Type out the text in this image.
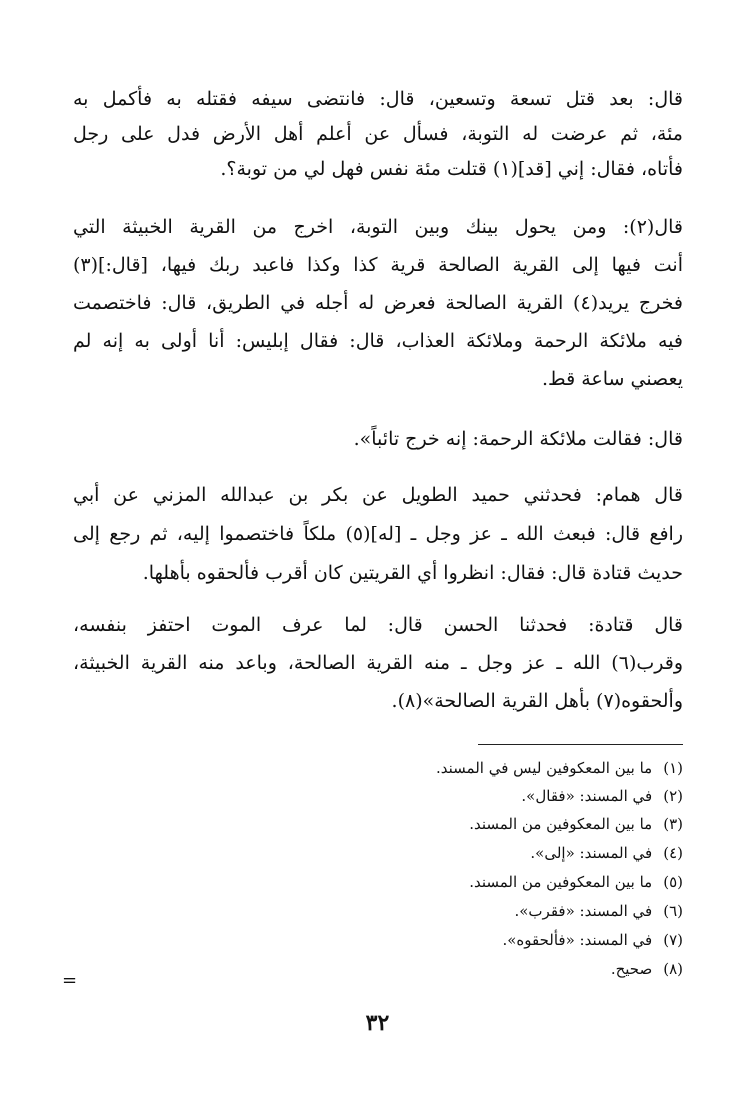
قال: بعد قتل تسعة وتسعين، قال: فانتضى سيفه فقتله به فأكمل به
مئة، ثم عرضت له التوبة، فسأل عن أعلم أهل الأرض فدل على رجل
فأتاه، فقال: إني [قد](١) قتلت مئة نفس فهل لي من توبة؟.
قال(٢): ومن يحول بينك وبين التوبة، اخرج من القرية الخبيثة التي
أنت فيها إلى القرية الصالحة قرية كذا وكذا فاعبد ربك فيها، [قال:](٣)
فخرج يريد(٤) القرية الصالحة فعرض له أجله في الطريق، قال: فاختصمت
فيه ملائكة الرحمة وملائكة العذاب، قال: فقال إبليس: أنا أولى به إنه لم
يعصني ساعة قط.
قال: فقالت ملائكة الرحمة: إنه خرج تائباً».
قال همام: فحدثني حميد الطويل عن بكر بن عبدالله المزني عن أبي
رافع قال: فبعث الله ـ عز وجل ـ [له](٥) ملكاً فاختصموا إليه، ثم رجع إلى
حديث قتادة قال: فقال: انظروا أي القريتين كان أقرب فألحقوه بأهلها.
قال قتادة: فحدثنا الحسن قال: لما عرف الموت احتفز بنفسه،
وقرب(٦) الله ـ عز وجل ـ منه القرية الصالحة، وباعد منه القرية الخبيثة،
وألحقوه(٧) بأهل القرية الصالحة»(٨).
(١) ما بين المعكوفين ليس في المسند.
(٢) في المسند: «فقال».
(٣) ما بين المعكوفين من المسند.
(٤) في المسند: «إلى».
(٥) ما بين المعكوفين من المسند.
(٦) في المسند: «فقرب».
(٧) في المسند: «فألحقوه».
(٨) صحيح.
=
٣٢
